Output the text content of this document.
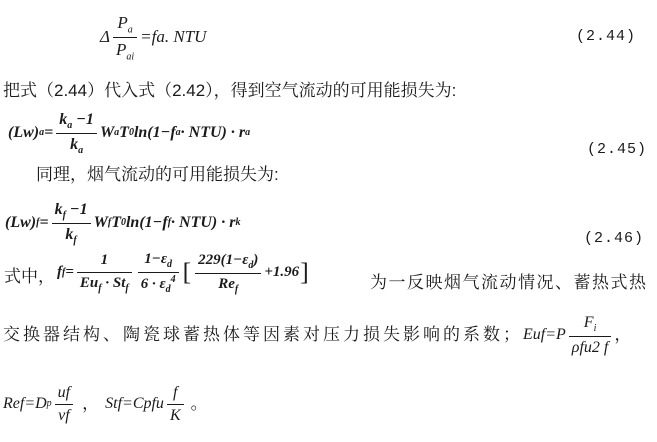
Δ $\frac{P_a}{P_{ai}} =fa$. NTU	(2.44)
把式（2.44）代入式（2.42），得到空气流动的可用能损失为:
(Lw) $a = \frac{k_a -1}{k_a}$ W a T 0 ln(1−f a · NTU) · r a
(2.45)
同理，烟气流动的可用能损失为:
(Lw) $f = \frac{k_f -1}{k_f}$ W f T 0 ln(1−f f · NTU) · r k
(2.46)
式中， f $f = \frac{1}{Eu_f \cdot St_f} \frac{1-\varepsilon_d}{6 \cdot \varepsilon_d^4}$ [ $\frac{229(1-\varepsilon_d)}{Re_f} +1.96$ ]	为一反映烟气流动情况、蓄热式热
交换器结构、陶瓷球蓄热体等因素对压力损失影响的系数； $Euf=P \frac{F_i}{\text{ρfu2 f}}$ ，
Ref=D p $\frac{uf}{vf}$ ， Stf=Cpfu $\frac{f}{K}$ 。
